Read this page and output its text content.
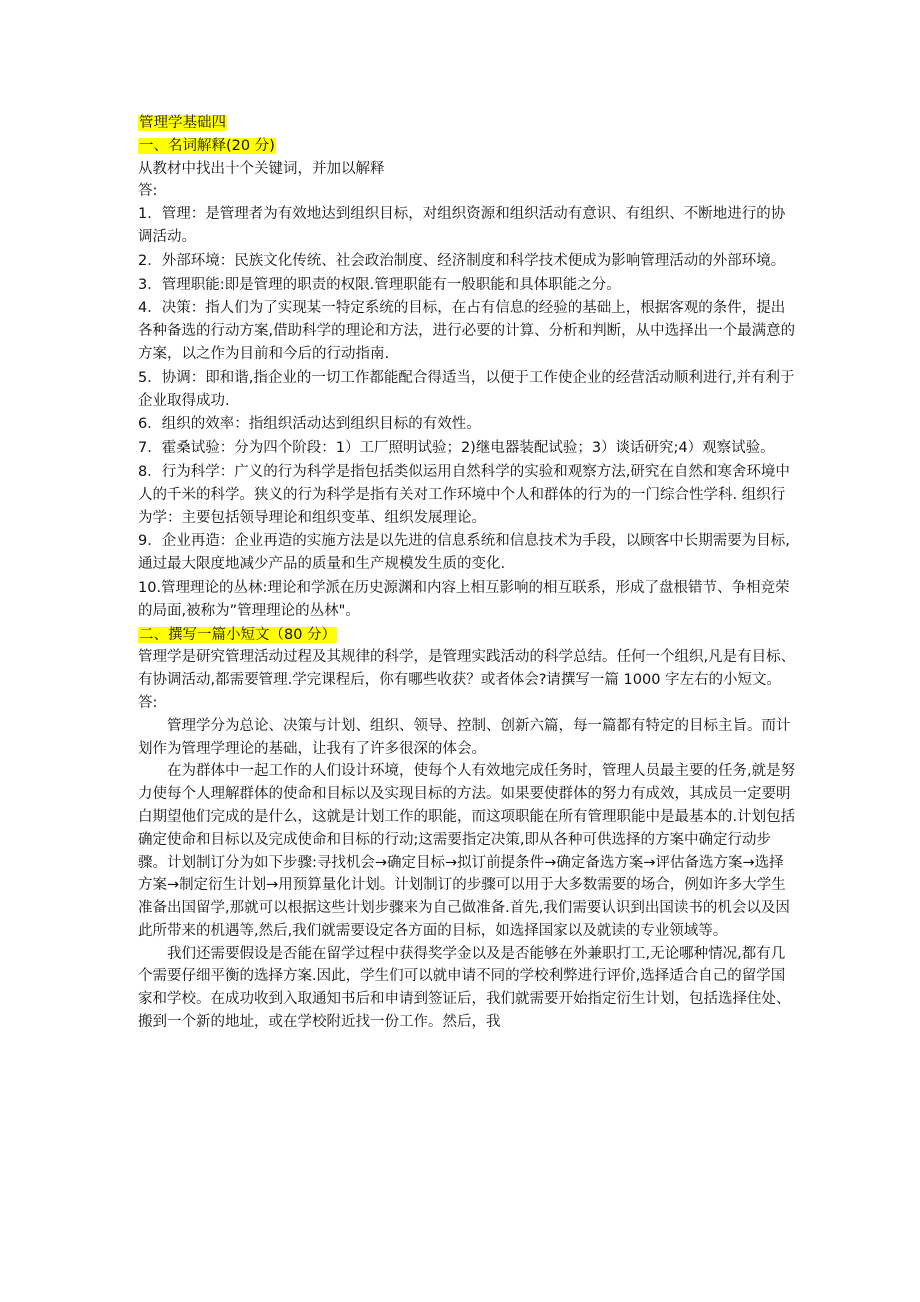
管理学基础四

一、名词解释(20 分)

从教材中找出十个关键词，并加以解释

答:

1．管理：是管理者为有效地达到组织目标，对组织资源和组织活动有意识、有组织、不断地进行的协调活动。

2．外部环境：民族文化传统、社会政治制度、经济制度和科学技术便成为影响管理活动的外部环境。

3．管理职能:即是管理的职责的权限.管理职能有一般职能和具体职能之分。

4．决策：指人们为了实现某一特定系统的目标，在占有信息的经验的基础上，根据客观的条件，提出各种备选的行动方案,借助科学的理论和方法，进行必要的计算、分析和判断，从中选择出一个最满意的方案，以之作为目前和今后的行动指南.

5．协调：即和谐,指企业的一切工作都能配合得适当，以便于工作使企业的经营活动顺利进行,并有利于企业取得成功.

6．组织的效率：指组织活动达到组织目标的有效性。

7．霍桑试验：分为四个阶段：1）工厂照明试验；2)继电器装配试验；3）谈话研究;4）观察试验。

8．行为科学：广义的行为科学是指包括类似运用自然科学的实验和观察方法,研究在自然和寒舍环境中人的千米的科学。狭义的行为科学是指有关对工作环境中个人和群体的行为的一门综合性学科. 组织行为学：主要包括领导理论和组织变革、组织发展理论。

9．企业再造：企业再造的实施方法是以先进的信息系统和信息技术为手段，以顾客中长期需要为目标,通过最大限度地减少产品的质量和生产规模发生质的变化.

10.管理理论的丛林:理论和学派在历史源渊和内容上相互影响的相互联系，形成了盘根错节、争相竞荣的局面,被称为”管理理论的丛林"。

二、撰写一篇小短文（80 分）

管理学是研究管理活动过程及其规律的科学，是管理实践活动的科学总结。任何一个组织,凡是有目标、有协调活动,都需要管理.学完课程后，你有哪些收获？或者体会?请撰写一篇 1000 字左右的小短文。

答:

管理学分为总论、决策与计划、组织、领导、控制、创新六篇，每一篇都有特定的目标主旨。而计划作为管理学理论的基础，让我有了许多很深的体会。

在为群体中一起工作的人们设计环境，使每个人有效地完成任务时，管理人员最主要的任务,就是努力使每个人理解群体的使命和目标以及实现目标的方法。如果要使群体的努力有成效，其成员一定要明白期望他们完成的是什么，这就是计划工作的职能，而这项职能在所有管理职能中是最基本的.计划包括确定使命和目标以及完成使命和目标的行动;这需要指定决策,即从各种可供选择的方案中确定行动步骤。计划制订分为如下步骤:寻找机会→确定目标→拟订前提条件→确定备选方案→评估备选方案→选择方案→制定衍生计划→用预算量化计划。计划制订的步骤可以用于大多数需要的场合，例如许多大学生准备出国留学,那就可以根据这些计划步骤来为自己做准备.首先,我们需要认识到出国读书的机会以及因此所带来的机遇等,然后,我们就需要设定各方面的目标，如选择国家以及就读的专业领域等。

我们还需要假设是否能在留学过程中获得奖学金以及是否能够在外兼职打工,无论哪种情况,都有几个需要仔细平衡的选择方案.因此，学生们可以就申请不同的学校利弊进行评价,选择适合自己的留学国家和学校。在成功收到入取通知书后和申请到签证后，我们就需要开始指定衍生计划，包括选择住处、搬到一个新的地址，或在学校附近找一份工作。然后，我
